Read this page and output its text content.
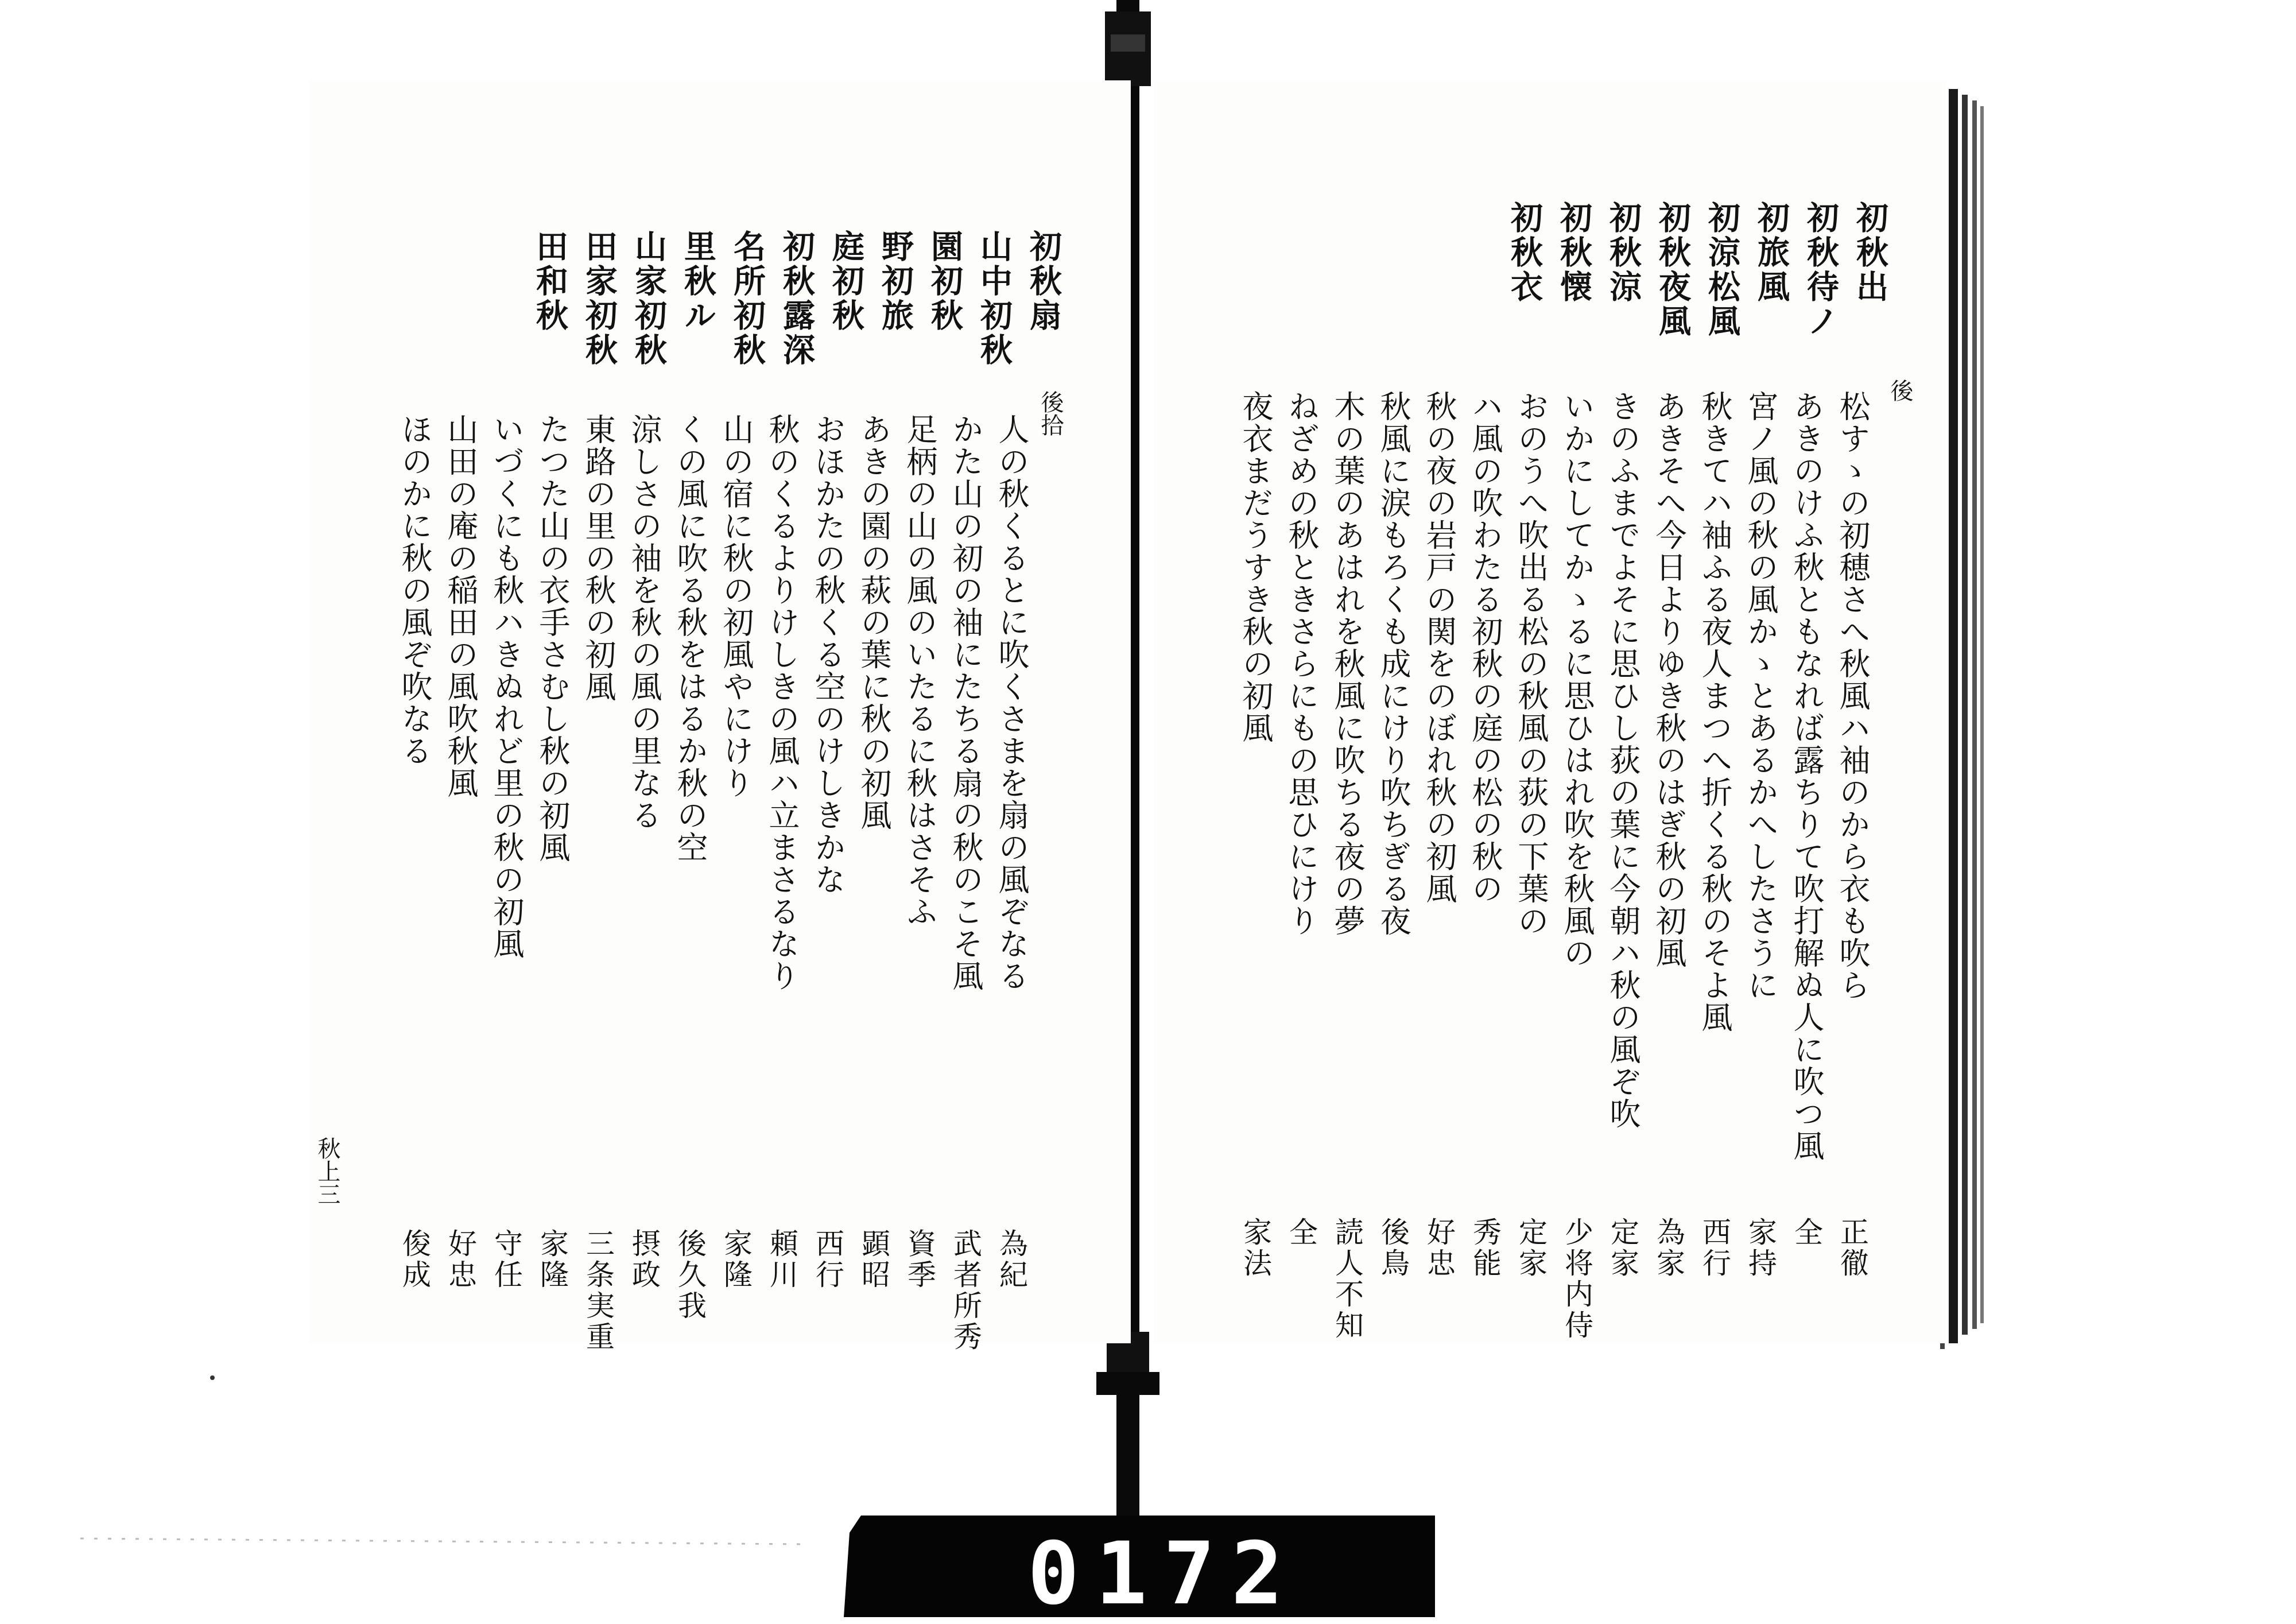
初秋出
初秋待ノ
初旅風
初涼松風
初秋夜風
初秋涼
初秋懐
初秋衣
後
松すゝの初穂さへ秋風ハ袖のから衣も吹ら
正徹
あきのけふ秋ともなれば露ちりて吹打解ぬ人に吹つ風
全
宮ノ風の秋の風かゝとあるかへしたさうに
家持
秋きてハ袖ふる夜人まつへ折くる秋のそよ風
西行
あきそへ今日よりゆき秋のはぎ秋の初風
為家
きのふまでよそに思ひし荻の葉に今朝ハ秋の風ぞ吹
定家
いかにしてかゝるに思ひはれ吹を秋風の
少将内侍
おのうへ吹出る松の秋風の荻の下葉の
定家
ハ風の吹わたる初秋の庭の松の秋の
秀能
秋の夜の岩戸の関をのぼれ秋の初風
好忠
秋風に涙もろくも成にけり吹ちぎる夜
後鳥
木の葉のあはれを秋風に吹ちる夜の夢
読人不知
ねざめの秋ときさらにもの思ひにけり
全
夜衣まだうすき秋の初風
家法
初秋扇
山中初秋
園初秋
野初旅
庭初秋
初秋露深
名所初秋
里秋ル
山家初秋
田家初秋
田和秋
後拾
人の秋くるとに吹くさまを扇の風ぞなる
為紀
かた山の初の袖にたちる扇の秋のこそ風
武者所秀
足柄の山の風のいたるに秋はさそふ
資季
あきの園の萩の葉に秋の初風
顕昭
おほかたの秋くる空のけしきかな
西行
秋のくるよりけしきの風ハ立まさるなり
頼川
山の宿に秋の初風やにけり
家隆
くの風に吹る秋をはるか秋の空
後久我
涼しさの袖を秋の風の里なる
摂政
東路の里の秋の初風
三条実重
たつた山の衣手さむし秋の初風
家隆
いづくにも秋ハきぬれど里の秋の初風
守任
山田の庵の稲田の風吹秋風
好忠
ほのかに秋の風ぞ吹なる
俊成
秋上三
0172
